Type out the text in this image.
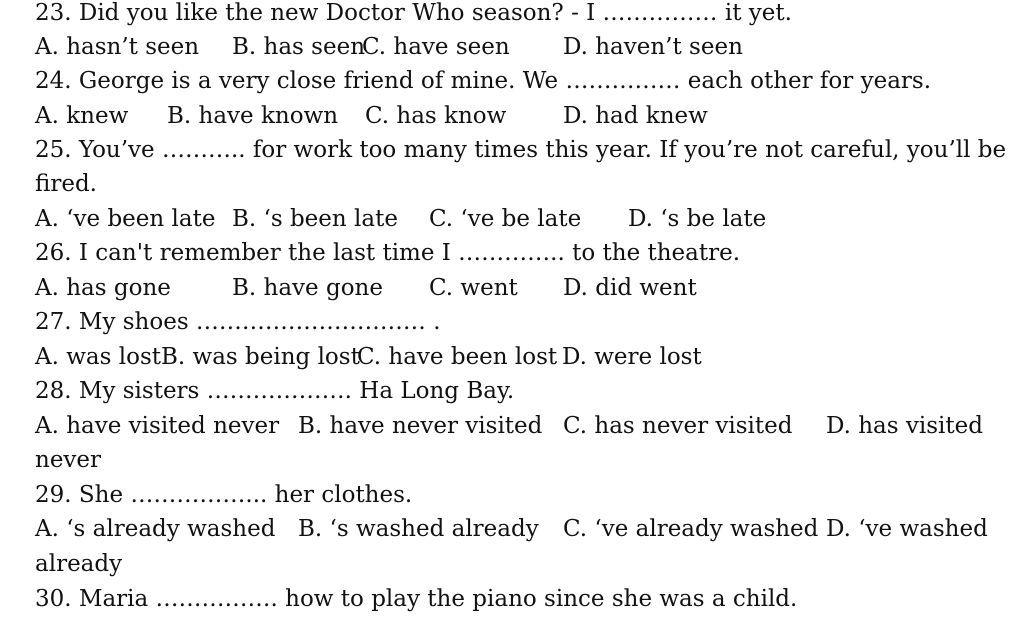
23. Did you like the new Doctor Who season? - I …………… it yet.
A. hasn’t seen B. has seen
C. have seen D. haven’t seen
24. George is a very close friend of mine. We …………… each other for years.
A. knew B. have known C. has know D. had knew
25. You’ve ……….. for work too many times this year. If you’re not careful, you’ll be
fired.
A. ‘ve been late B. ‘s been late C. ‘ve be late D. ‘s be late
26. I can't remember the last time I ………….. to the theatre.
A. has gone	B. have gone C. went D. did went
27. My shoes ………………………… .
A. was lost B. was being lost
C. have been lost D. were lost
28. My sisters ………………. Ha Long Bay.
A. have visited never B. have never visited C. has never visited D. has visited
never
29. She ……………... her clothes.
A. ‘s already washed B. ‘s washed already C. ‘ve already washed D. ‘ve washed
already
30. Maria ……………. how to play the piano since she was a child.
